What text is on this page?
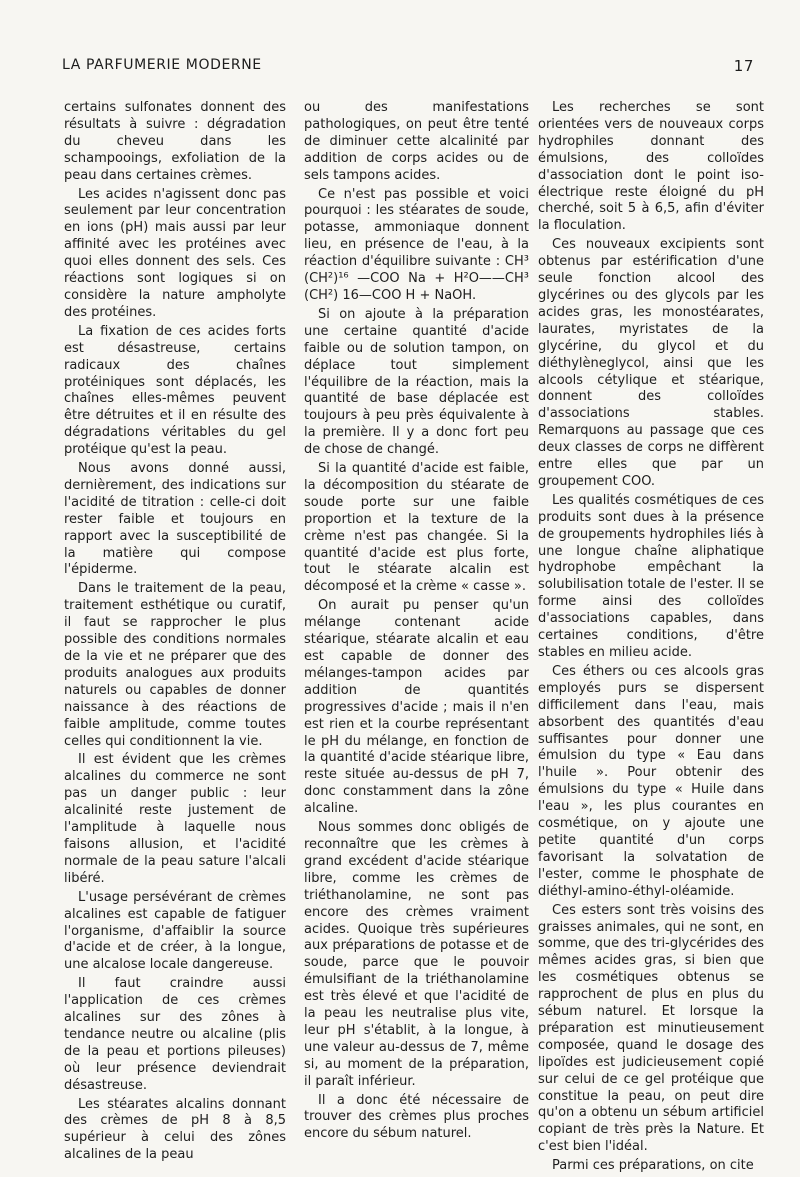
LA PARFUMERIE MODERNE	17

certains sulfonates donnent des résultats à suivre : dégradation du cheveu dans les schampooings, exfoliation de la peau dans certaines crèmes.

Les acides n'agissent donc pas seulement par leur concentration en ions (pH) mais aussi par leur affinité avec les protéines avec quoi elles donnent des sels. Ces réactions sont logiques si on considère la nature ampholyte des protéines.

La fixation de ces acides forts est désastreuse, certains radicaux des chaînes protéiniques sont déplacés, les chaînes elles-mêmes peuvent être détruites et il en résulte des dégradations véritables du gel protéique qu'est la peau.

Nous avons donné aussi, dernièrement, des indications sur l'acidité de titration : celle-ci doit rester faible et toujours en rapport avec la susceptibilité de la matière qui compose l'épiderme.

Dans le traitement de la peau, traitement esthétique ou curatif, il faut se rapprocher le plus possible des conditions normales de la vie et ne préparer que des produits analogues aux produits naturels ou capables de donner naissance à des réactions de faible amplitude, comme toutes celles qui conditionnent la vie.

Il est évident que les crèmes alcalines du commerce ne sont pas un danger public : leur alcalinité reste justement de l'amplitude à laquelle nous faisons allusion, et l'acidité normale de la peau sature l'alcali libéré.

L'usage persévérant de crèmes alcalines est capable de fatiguer l'organisme, d'affaiblir la source d'acide et de créer, à la longue, une alcalose locale dangereuse.

Il faut craindre aussi l'application de ces crèmes alcalines sur des zônes à tendance neutre ou alcaline (plis de la peau et portions pileuses) où leur présence deviendrait désastreuse.

Les stéarates alcalins donnant des crèmes de pH 8 à 8,5 supérieur à celui des zônes alcalines de la peau

ou des manifestations pathologiques, on peut être tenté de diminuer cette alcalinité par addition de corps acides ou de sels tampons acides.

Ce n'est pas possible et voici pourquoi : les stéarates de soude, potasse, ammoniaque donnent lieu, en présence de l'eau, à la réaction d'équilibre suivante : CH³ (CH²)¹⁶ —COO Na + H²O——CH³ (CH²) 16—COO H + NaOH.

Si on ajoute à la préparation une certaine quantité d'acide faible ou de solution tampon, on déplace tout simplement l'équilibre de la réaction, mais la quantité de base déplacée est toujours à peu près équivalente à la première. Il y a donc fort peu de chose de changé.

Si la quantité d'acide est faible, la décomposition du stéarate de soude porte sur une faible proportion et la texture de la crème n'est pas changée. Si la quantité d'acide est plus forte, tout le stéarate alcalin est décomposé et la crème « casse ».

On aurait pu penser qu'un mélange contenant acide stéarique, stéarate alcalin et eau est capable de donner des mélanges-tampon acides par addition de quantités progressives d'acide ; mais il n'en est rien et la courbe représentant le pH du mélange, en fonction de la quantité d'acide stéarique libre, reste située au-dessus de pH 7, donc constamment dans la zône alcaline.

Nous sommes donc obligés de reconnaître que les crèmes à grand excédent d'acide stéarique libre, comme les crèmes de triéthanolamine, ne sont pas encore des crèmes vraiment acides. Quoique très supérieures aux préparations de potasse et de soude, parce que le pouvoir émulsifiant de la triéthanolamine est très élevé et que l'acidité de la peau les neutralise plus vite, leur pH s'établit, à la longue, à une valeur au-dessus de 7, même si, au moment de la préparation, il paraît inférieur.

Il a donc été nécessaire de trouver des crèmes plus proches encore du sébum naturel.

Les recherches se sont orientées vers de nouveaux corps hydrophiles donnant des émulsions, des colloïdes d'association dont le point iso-électrique reste éloigné du pH cherché, soit 5 à 6,5, afin d'éviter la floculation.

Ces nouveaux excipients sont obtenus par estérification d'une seule fonction alcool des glycérines ou des glycols par les acides gras, les monostéarates, laurates, myristates de la glycérine, du glycol et du diéthylèneglycol, ainsi que les alcools cétylique et stéarique, donnent des colloïdes d'associations stables. Remarquons au passage que ces deux classes de corps ne diffèrent entre elles que par un groupement COO.

Les qualités cosmétiques de ces produits sont dues à la présence de groupements hydrophiles liés à une longue chaîne aliphatique hydrophobe empêchant la solubilisation totale de l'ester. Il se forme ainsi des colloïdes d'associations capables, dans certaines conditions, d'être stables en milieu acide.

Ces éthers ou ces alcools gras employés purs se dispersent difficilement dans l'eau, mais absorbent des quantités d'eau suffisantes pour donner une émulsion du type « Eau dans l'huile ». Pour obtenir des émulsions du type « Huile dans l'eau », les plus courantes en cosmétique, on y ajoute une petite quantité d'un corps favorisant la solvatation de l'ester, comme le phosphate de diéthyl-amino-éthyl-oléamide.

Ces esters sont très voisins des graisses animales, qui ne sont, en somme, que des tri-glycérides des mêmes acides gras, si bien que les cosmétiques obtenus se rapprochent de plus en plus du sébum naturel. Et lorsque la préparation est minutieusement composée, quand le dosage des lipoïdes est judicieusement copié sur celui de ce gel protéique que constitue la peau, on peut dire qu'on a obtenu un sébum artificiel copiant de très près la Nature. Et c'est bien l'idéal.

Parmi ces préparations, on cite
